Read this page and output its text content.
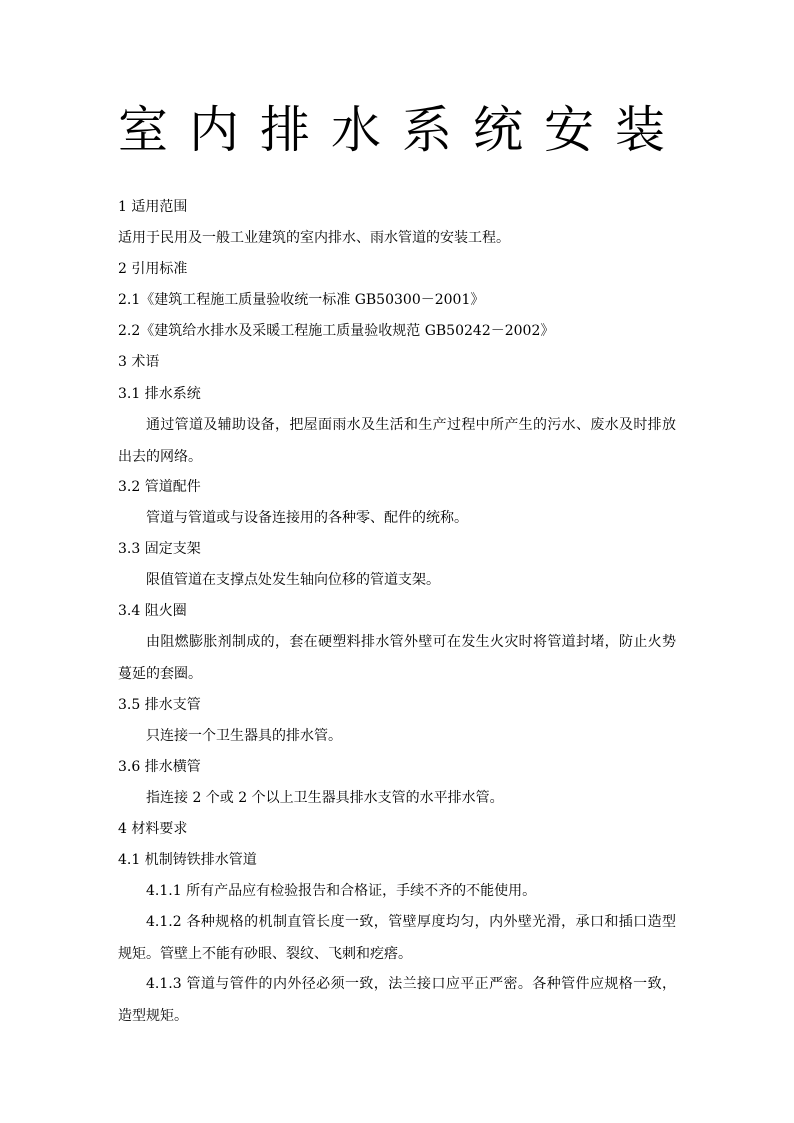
室内排水系统安装
1 适用范围
适用于民用及一般工业建筑的室内排水、雨水管道的安装工程。
2 引用标准
2.1《建筑工程施工质量验收统一标准 GB50300－2001》
2.2《建筑给水排水及采暖工程施工质量验收规范 GB50242－2002》
3 术语
3.1 排水系统
通过管道及辅助设备，把屋面雨水及生活和生产过程中所产生的污水、废水及时排放出去的网络。
3.2 管道配件
管道与管道或与设备连接用的各种零、配件的统称。
3.3 固定支架
限值管道在支撑点处发生轴向位移的管道支架。
3.4 阻火圈
由阻燃膨胀剂制成的，套在硬塑料排水管外壁可在发生火灾时将管道封堵，防止火势蔓延的套圈。
3.5 排水支管
只连接一个卫生器具的排水管。
3.6 排水横管
指连接 2 个或 2 个以上卫生器具排水支管的水平排水管。
4 材料要求
4.1 机制铸铁排水管道
4.1.1 所有产品应有检验报告和合格证，手续不齐的不能使用。
4.1.2 各种规格的机制直管长度一致，管壁厚度均匀，内外壁光滑，承口和插口造型规矩。管壁上不能有砂眼、裂纹、飞刺和疙瘩。
4.1.3 管道与管件的内外径必须一致，法兰接口应平正严密。各种管件应规格一致，造型规矩。
